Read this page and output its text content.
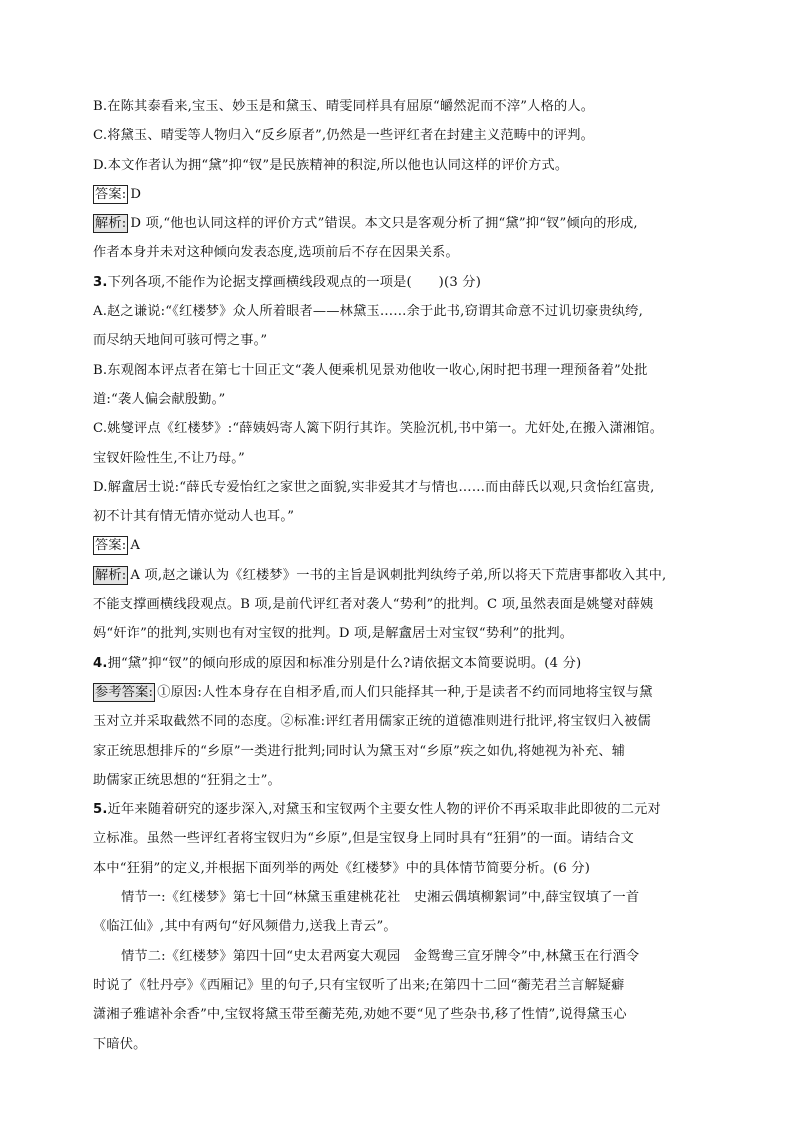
B.在陈其泰看来,宝玉、妙玉是和黛玉、晴雯同样具有屈原“皭然泥而不滓”人格的人。
C.将黛玉、晴雯等人物归入“反乡原者”,仍然是一些评红者在封建主义范畴中的评判。
D.本文作者认为拥“黛”抑“钗”是民族精神的积淀,所以他也认同这样的评价方式。
答案: D
解析: D 项,“他也认同这样的评价方式”错误。本文只是客观分析了拥“黛”抑“钗”倾向的形成,
作者本身并未对这种倾向发表态度,选项前后不存在因果关系。
3.下列各项,不能作为论据支撑画横线段观点的一项是(　　)(3 分)
A.赵之谦说:“《红楼梦》众人所着眼者——林黛玉……余于此书,窃谓其命意不过讥切豪贵纨绔,
而尽纳天地间可骇可愕之事。”
B.东观阁本评点者在第七十回正文“袭人便乘机见景劝他收一收心,闲时把书理一理预备着”处批
道:“袭人偏会献殷勤。”
C.姚燮评点《红楼梦》:“薛姨妈寄人篱下阴行其诈。笑脸沉机,书中第一。尤奸处,在搬入潇湘馆。
宝钗奸险性生,不让乃母。”
D.解盦居士说:“薛氏专爱怡红之家世之面貌,实非爱其才与情也……而由薛氏以观,只贪怡红富贵,
初不计其有情无情亦觉动人也耳。”
答案: A
解析: A 项,赵之谦认为《红楼梦》一书的主旨是讽刺批判纨绔子弟,所以将天下荒唐事都收入其中,
不能支撑画横线段观点。B 项,是前代评红者对袭人“势利”的批判。C 项,虽然表面是姚燮对薛姨
妈“奸诈”的批判,实则也有对宝钗的批判。D 项,是解盦居士对宝钗“势利”的批判。
4.拥“黛”抑“钗”的倾向形成的原因和标准分别是什么?请依据文本简要说明。(4 分)
参考答案: ①原因:人性本身存在自相矛盾,而人们只能择其一种,于是读者不约而同地将宝钗与黛
玉对立并采取截然不同的态度。②标准:评红者用儒家正统的道德准则进行批评,将宝钗归入被儒
家正统思想排斥的“乡原”一类进行批判;同时认为黛玉对“乡原”疾之如仇,将她视为补充、辅
助儒家正统思想的“狂狷之士”。
5.近年来随着研究的逐步深入,对黛玉和宝钗两个主要女性人物的评价不再采取非此即彼的二元对
立标准。虽然一些评红者将宝钗归为“乡原”,但是宝钗身上同时具有“狂狷”的一面。请结合文
本中“狂狷”的定义,并根据下面列举的两处《红楼梦》中的具体情节简要分析。(6 分)
情节一:《红楼梦》第七十回“林黛玉重建桃花社　史湘云偶填柳絮词”中,薛宝钗填了一首
《临江仙》,其中有两句“好风频借力,送我上青云”。
情节二:《红楼梦》第四十回“史太君两宴大观园　金鸳鸯三宣牙牌令”中,林黛玉在行酒令
时说了《牡丹亭》《西厢记》里的句子,只有宝钗听了出来;在第四十二回“蘅芜君兰言解疑癖
潇湘子雅谑补余香”中,宝钗将黛玉带至蘅芜苑,劝她不要“见了些杂书,移了性情”,说得黛玉心
下暗伏。
